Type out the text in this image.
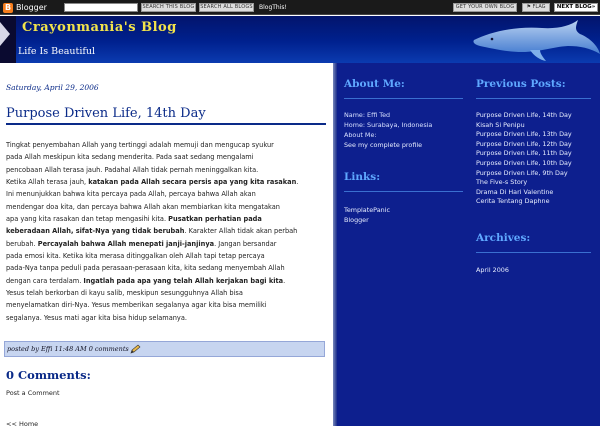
B Blogger	SEARCH THIS BLOG	SEARCH ALL BLOGS BlogThis!	GET YOUR OWN BLOG	⚑ FLAG	NEXT BLOG»
Crayonmania's Blog
Life Is Beautiful
Saturday, April 29, 2006
Purpose Driven Life, 14th Day
Tingkat penyembahan Allah yang tertinggi adalah memuji dan mengucap syukur
pada Allah meskipun kita sedang menderita. Pada saat sedang mengalami
pencobaan Allah terasa jauh. Padahal Allah tidak pernah meninggalkan kita.
Ketika Allah terasa jauh, katakan pada Allah secara persis apa yang kita rasakan.
Ini menunjukkan bahwa kita percaya pada Allah, percaya bahwa Allah akan
mendengar doa kita, dan percaya bahwa Allah akan membiarkan kita mengatakan
apa yang kita rasakan dan tetap mengasihi kita. Pusatkan perhatian pada
keberadaan Allah, sifat-Nya yang tidak berubah. Karakter Allah tidak akan perbah
berubah. Percayalah bahwa Allah menepati janji-janjinya. Jangan bersandar
pada emosi kita. Ketika kita merasa ditinggalkan oleh Allah tapi tetap percaya
pada-Nya tanpa peduli pada perasaan-perasaan kita, kita sedang menyembah Allah
dengan cara terdalam. Ingatlah pada apa yang telah Allah kerjakan bagi kita.
Yesus telah berkorban di kayu salib, meskipun sesungguhnya Allah bisa
menyelamatkan diri-Nya. Yesus memberikan segalanya agar kita bisa memiliki
segalanya. Yesus mati agar kita bisa hidup selamanya.
posted by Effi 11:48 AM 0 comments
0 Comments:
Post a Comment
<< Home
About Me:
Name: Effi Ted
Home: Surabaya, Indonesia
About Me:
See my complete profile
Links:
TemplatePanic
Blogger
Previous Posts:
Purpose Driven Life, 14th Day
Kisah Si Penipu
Purpose Driven Life, 13th Day
Purpose Driven Life, 12th Day
Purpose Driven Life, 11th Day
Purpose Driven Life, 10th Day
Purpose Driven Life, 9th Day
The Five-s Story
Drama Di Hari Valentine
Cerita Tentang Daphne
Archives:
April 2006
